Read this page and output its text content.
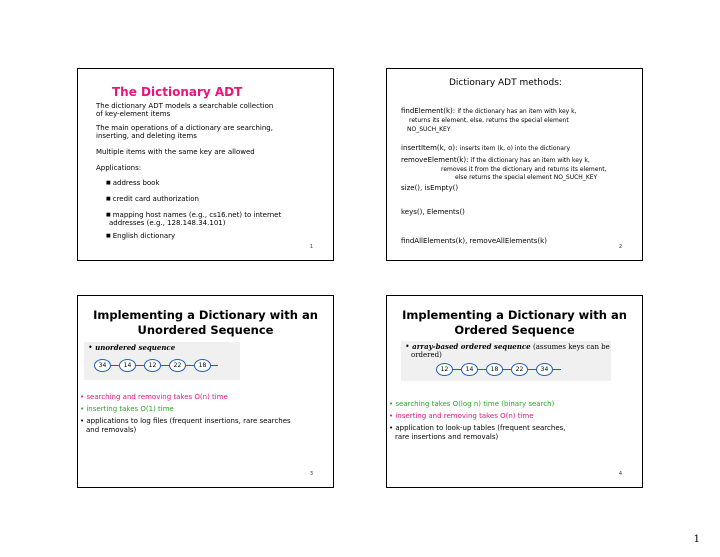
The Dictionary ADT
The dictionary ADT models a searchable collection
of key-element items
The main operations of a dictionary are searching,
inserting, and deleting items
Multiple items with the same key are allowed
Applications:
■ address book
■ credit card authorization
■ mapping host names (e.g., cs16.net) to internet
addresses (e.g., 128.148.34.101)
■ English dictionary
1
Dictionary ADT methods:
findElement(k): if the dictionary has an item with key k,
returns its element, else, returns the special element
NO_SUCH_KEY
insertItem(k, o): inserts item (k, o) into the dictionary
removeElement(k): if the dictionary has an item with key k,
removes it from the dictionary and returns its element,
else returns the special element NO_SUCH_KEY
size(), isEmpty()
keys(), Elements()
findAllElements(k), removeAllElements(k)
2
Implementing a Dictionary with an
Unordered Sequence
• unordered sequence
34	14	12	22	18
• searching and removing takes O(n) time
• inserting takes O(1) time
• applications to log files (frequent insertions, rare searches
and removals)
3
Implementing a Dictionary with an
Ordered Sequence
• array-based ordered sequence (assumes keys can be
ordered)
12	14	18	22	34
• searching takes O(log n) time (binary search)
• inserting and removing takes O(n) time
• application to look-up tables (frequent searches,
rare insertions and removals)
4
1
